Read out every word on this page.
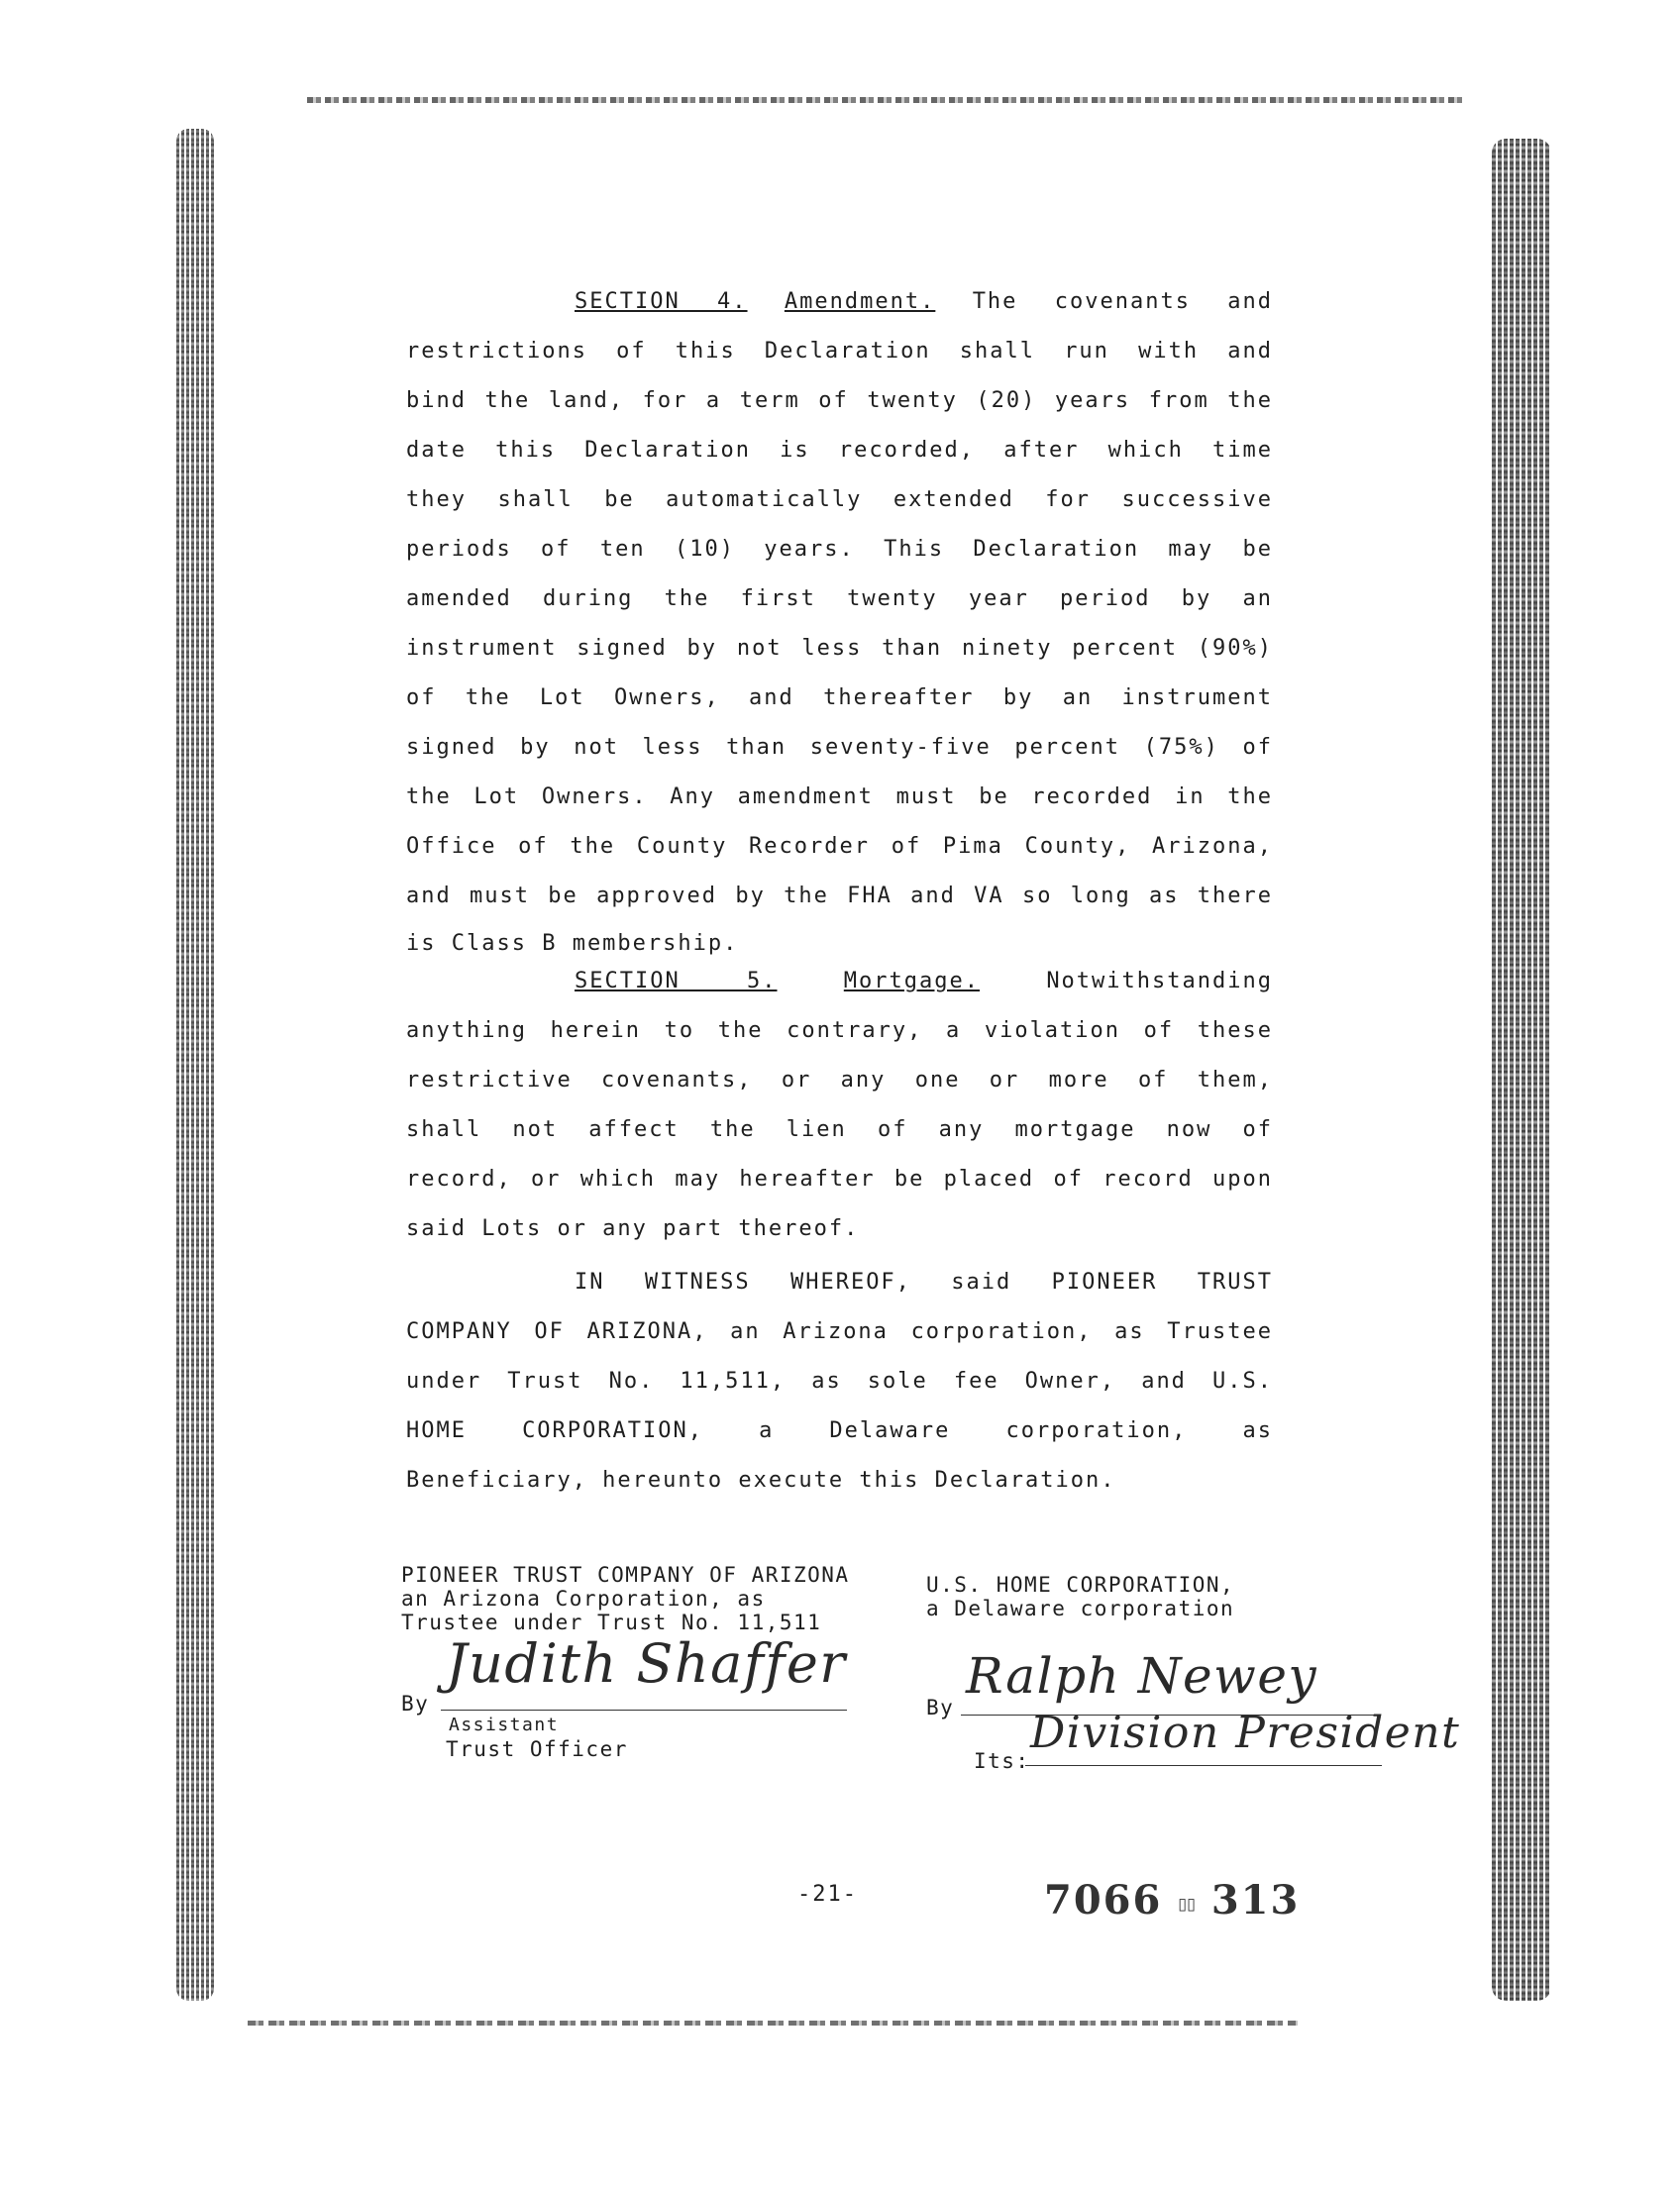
SECTION 4. Amendment. The covenants and
restrictions of this Declaration shall run with and
bind the land, for a term of twenty (20) years from the
date this Declaration is recorded, after which time
they shall be automatically extended for successive
periods of ten (10) years. This Declaration may be
amended during the first twenty year period by an
instrument signed by not less than ninety percent (90%)
of the Lot Owners, and thereafter by an instrument
signed by not less than seventy-five percent (75%) of
the Lot Owners. Any amendment must be recorded in the
Office of the County Recorder of Pima County, Arizona,
and must be approved by the FHA and VA so long as there
is Class B membership.
SECTION 5.	Mortgage.	Notwithstanding
anything herein to the contrary, a violation of these
restrictive covenants, or any one or more of them,
shall not affect the lien of any mortgage now of
record, or which may hereafter be placed of record upon
said Lots or any part thereof.
IN WITNESS WHEREOF, said PIONEER TRUST
COMPANY OF ARIZONA, an Arizona corporation, as Trustee
under Trust No. 11,511, as sole fee Owner, and U.S.
HOME CORPORATION, a Delaware corporation, as
Beneficiary, hereunto execute this Declaration.
PIONEER TRUST COMPANY OF ARIZONA
an Arizona Corporation, as
Trustee under Trust No. 11,511
By
Judith Shaffer
Assistant
Trust Officer
U.S. HOME CORPORATION,
a Delaware corporation
By
Ralph Newey
Its:
Division President
-21-	7066 ▯▯ 313
